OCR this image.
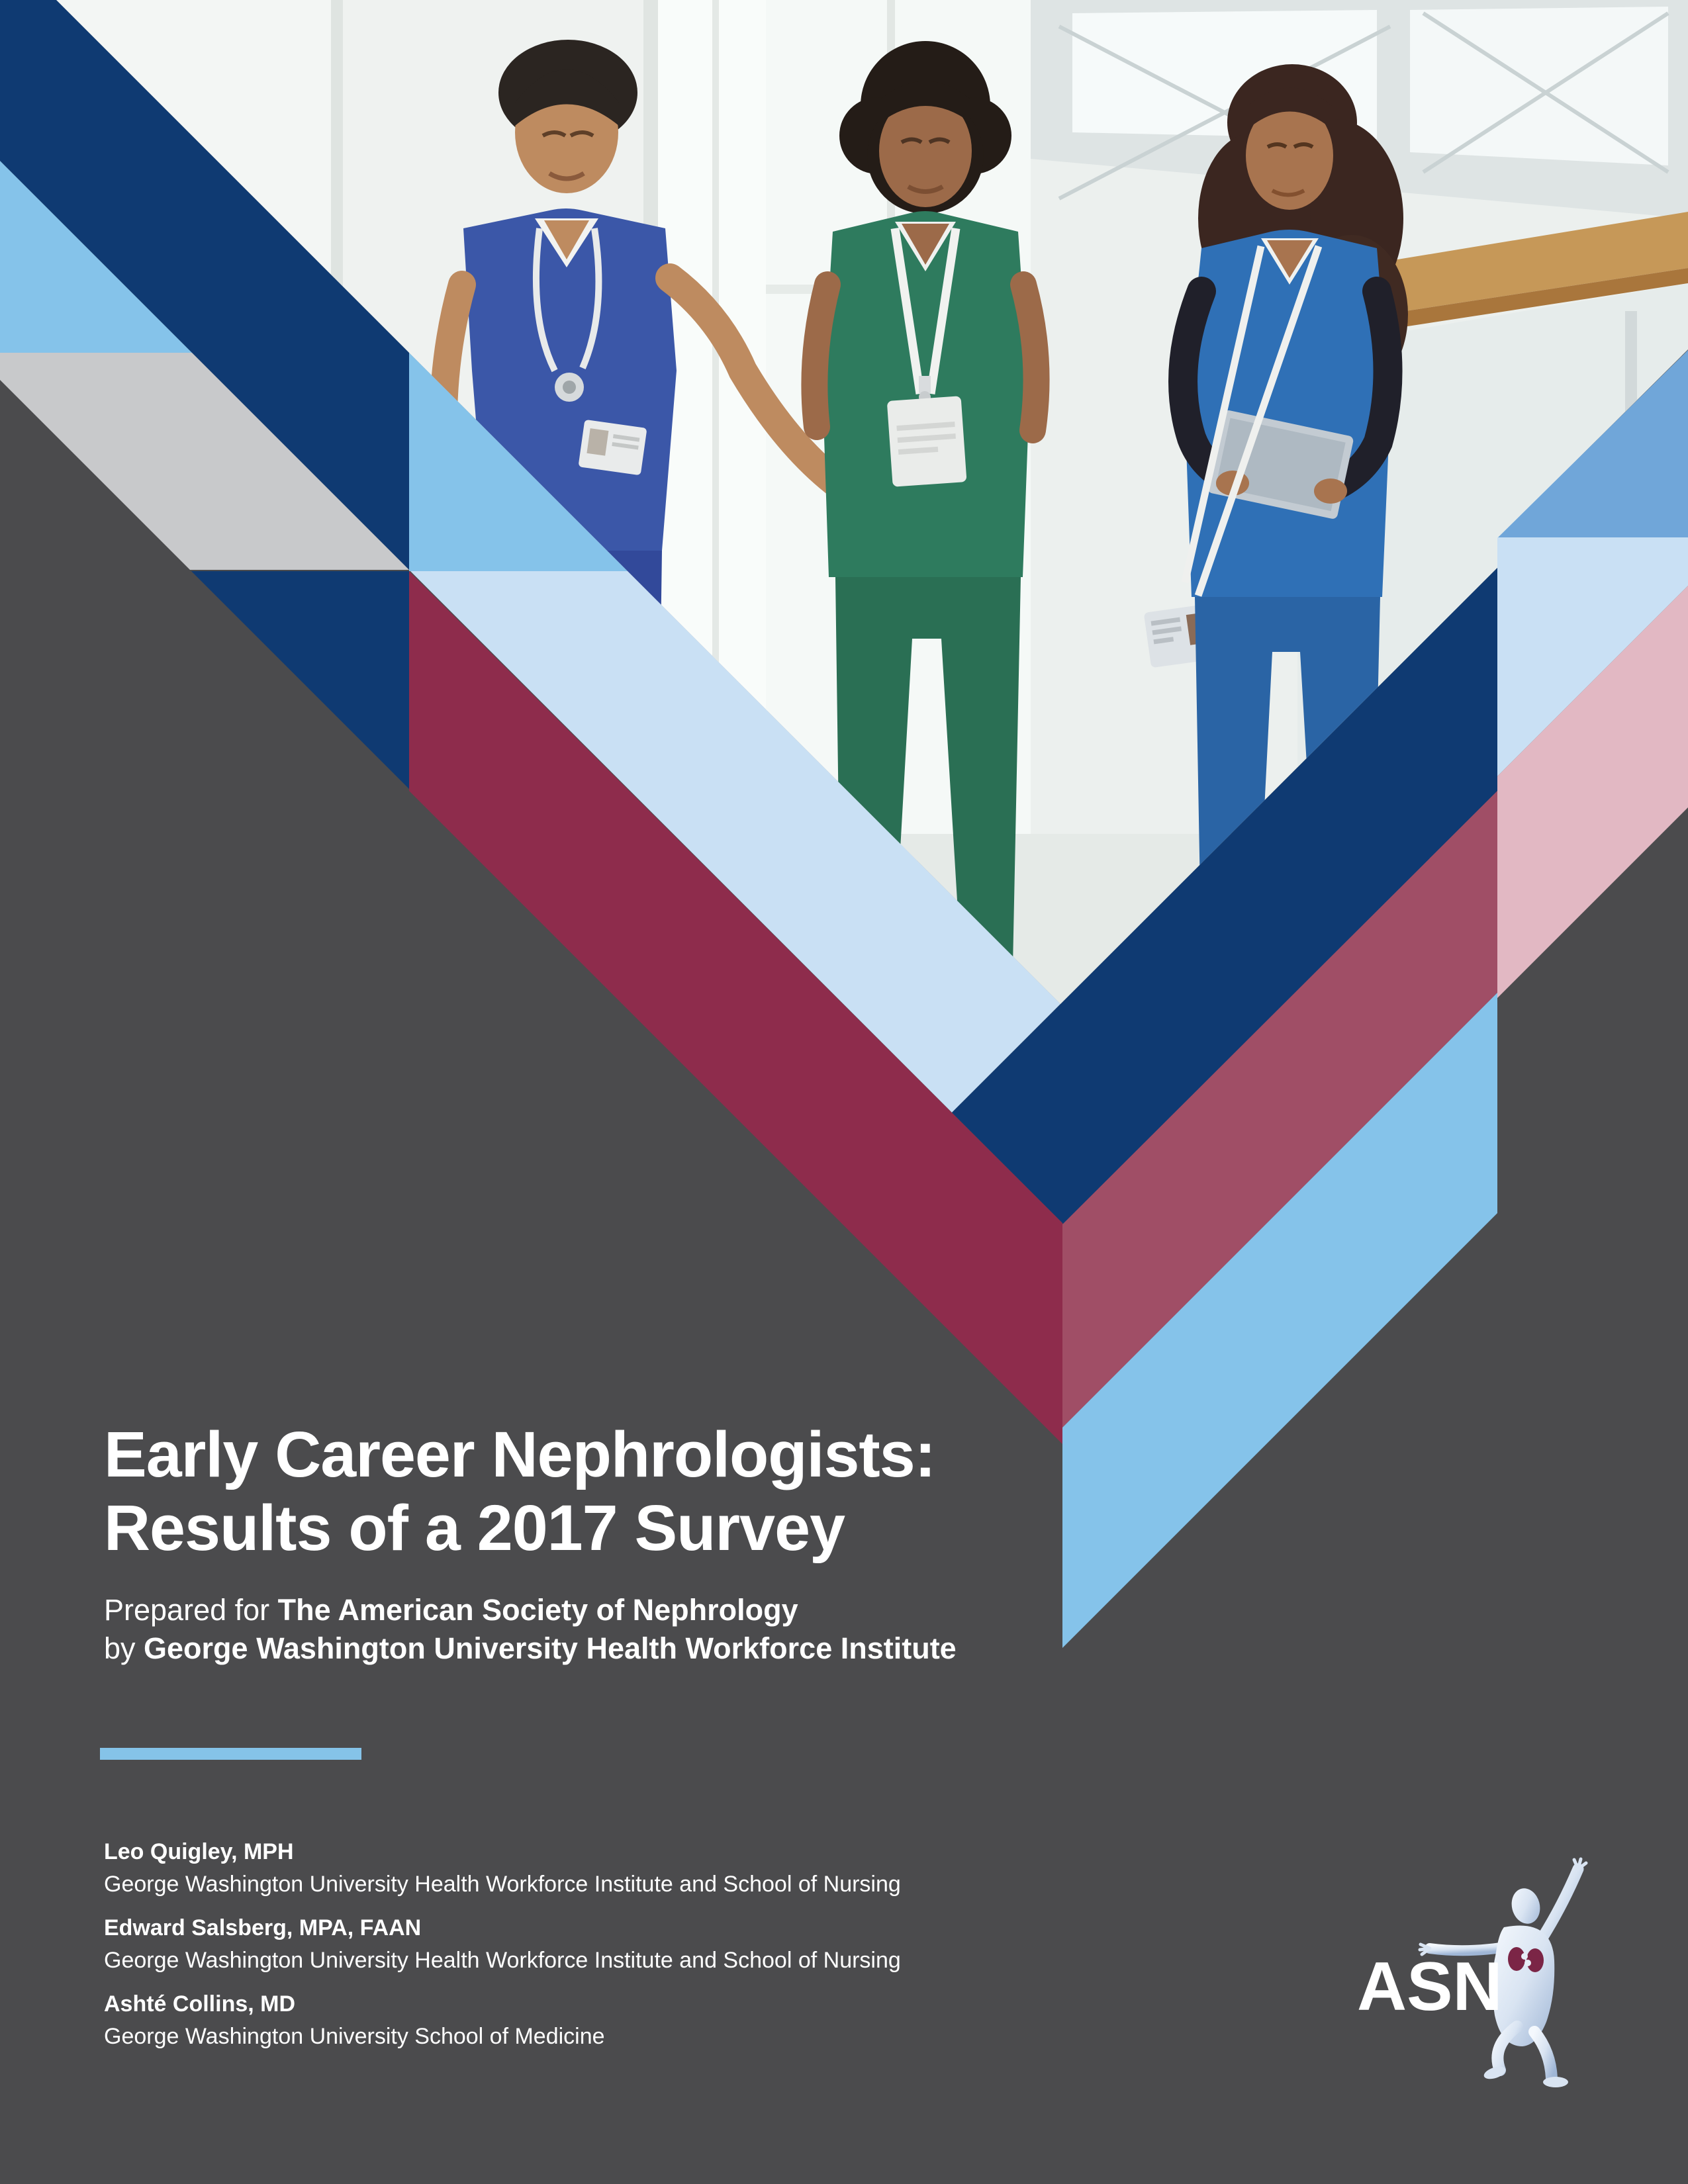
Early Career Nephrologists:
Results of a 2017 Survey
Prepared for The American Society of Nephrology
by George Washington University Health Workforce Institute
Leo Quigley, MPH
George Washington University Health Workforce Institute and School of Nursing
Edward Salsberg, MPA, FAAN
George Washington University Health Workforce Institute and School of Nursing
Ashté Collins, MD
George Washington University School of Medicine
ASN
